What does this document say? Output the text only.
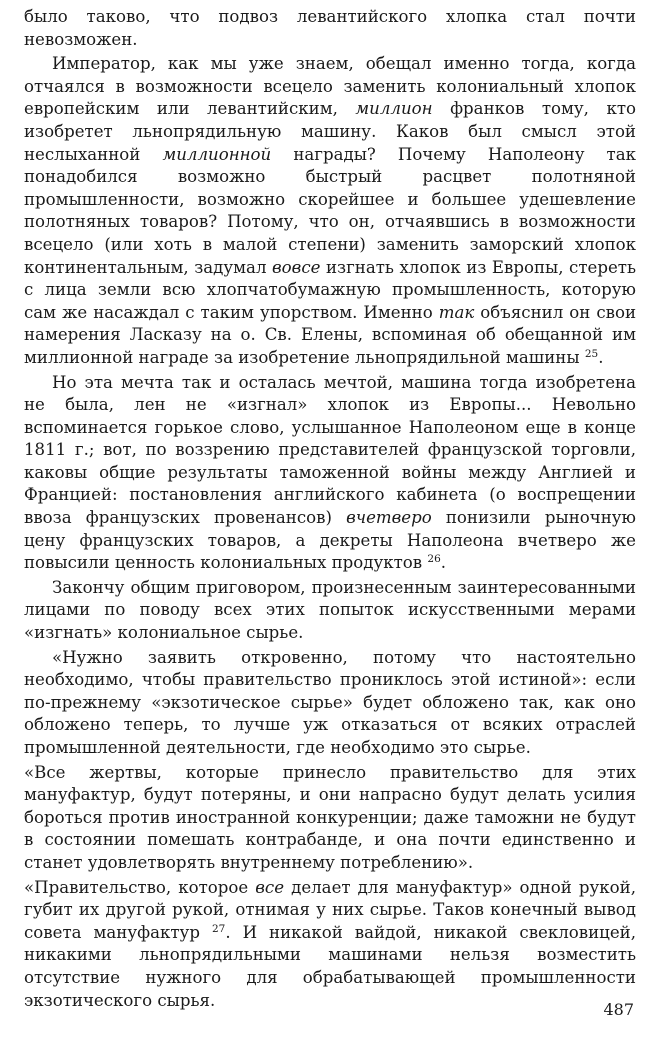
было таково, что подвоз левантийского хлопка стал почти невозможен.

Император, как мы уже знаем, обещал именно тогда, когда отчаялся в возможности всецело заменить колониальный хлопок европейским или левантийским, миллион франков тому, кто изобретет льнопрядильную машину. Каков был смысл этой неслыханной миллионной награды? Почему Наполеону так понадобился возможно быстрый расцвет полотняной промышленности, возможно скорейшее и большее удешевление полотняных товаров? Потому, что он, отчаявшись в возможности всецело (или хоть в малой степени) заменить заморский хлопок континентальным, задумал вовсе изгнать хлопок из Европы, стереть с лица земли всю хлопчатобумажную промышленность, которую сам же насаждал с таким упорством. Именно так объяснил он свои намерения Ласказу на о. Св. Елены, вспоминая об обещанной им миллионной награде за изобретение льнопрядильной машины $^{25}$.

Но эта мечта так и осталась мечтой, машина тогда изобретена не была, лен не «изгнал» хлопок из Европы... Невольно вспоминается горькое слово, услышанное Наполеоном еще в конце 1811 г.; вот, по воззрению представителей французской торговли, каковы общие результаты таможенной войны между Англией и Францией: постановления английского кабинета (о воспрещении ввоза французских провенансов) вчетверо понизили рыночную цену французских товаров, а декреты Наполеона вчетверо же повысили ценность колониальных продуктов $^{26}$.

Закончу общим приговором, произнесенным заинтересованными лицами по поводу всех этих попыток искусственными мерами «изгнать» колониальное сырье.

«Нужно заявить откровенно, потому что настоятельно необходимо, чтобы правительство прониклось этой истиной»: если по-прежнему «экзотическое сырье» будет обложено так, как оно обложено теперь, то лучше уж отказаться от всяких отраслей промышленной деятельности, где необходимо это сырье.

«Все жертвы, которые принесло правительство для этих мануфактур, будут потеряны, и они напрасно будут делать усилия бороться против иностранной конкуренции; даже таможни не будут в состоянии помешать контрабанде, и она почти единственно и станет удовлетворять внутреннему потреблению».

«Правительство, которое все делает для мануфактур» одной рукой, губит их другой рукой, отнимая у них сырье. Таков конечный вывод совета мануфактур $^{27}$. И никакой вайдой, никакой свекловицей, никакими льнопрядильными машинами нельзя возместить отсутствие нужного для обрабатывающей промышленности экзотического сырья.	487
